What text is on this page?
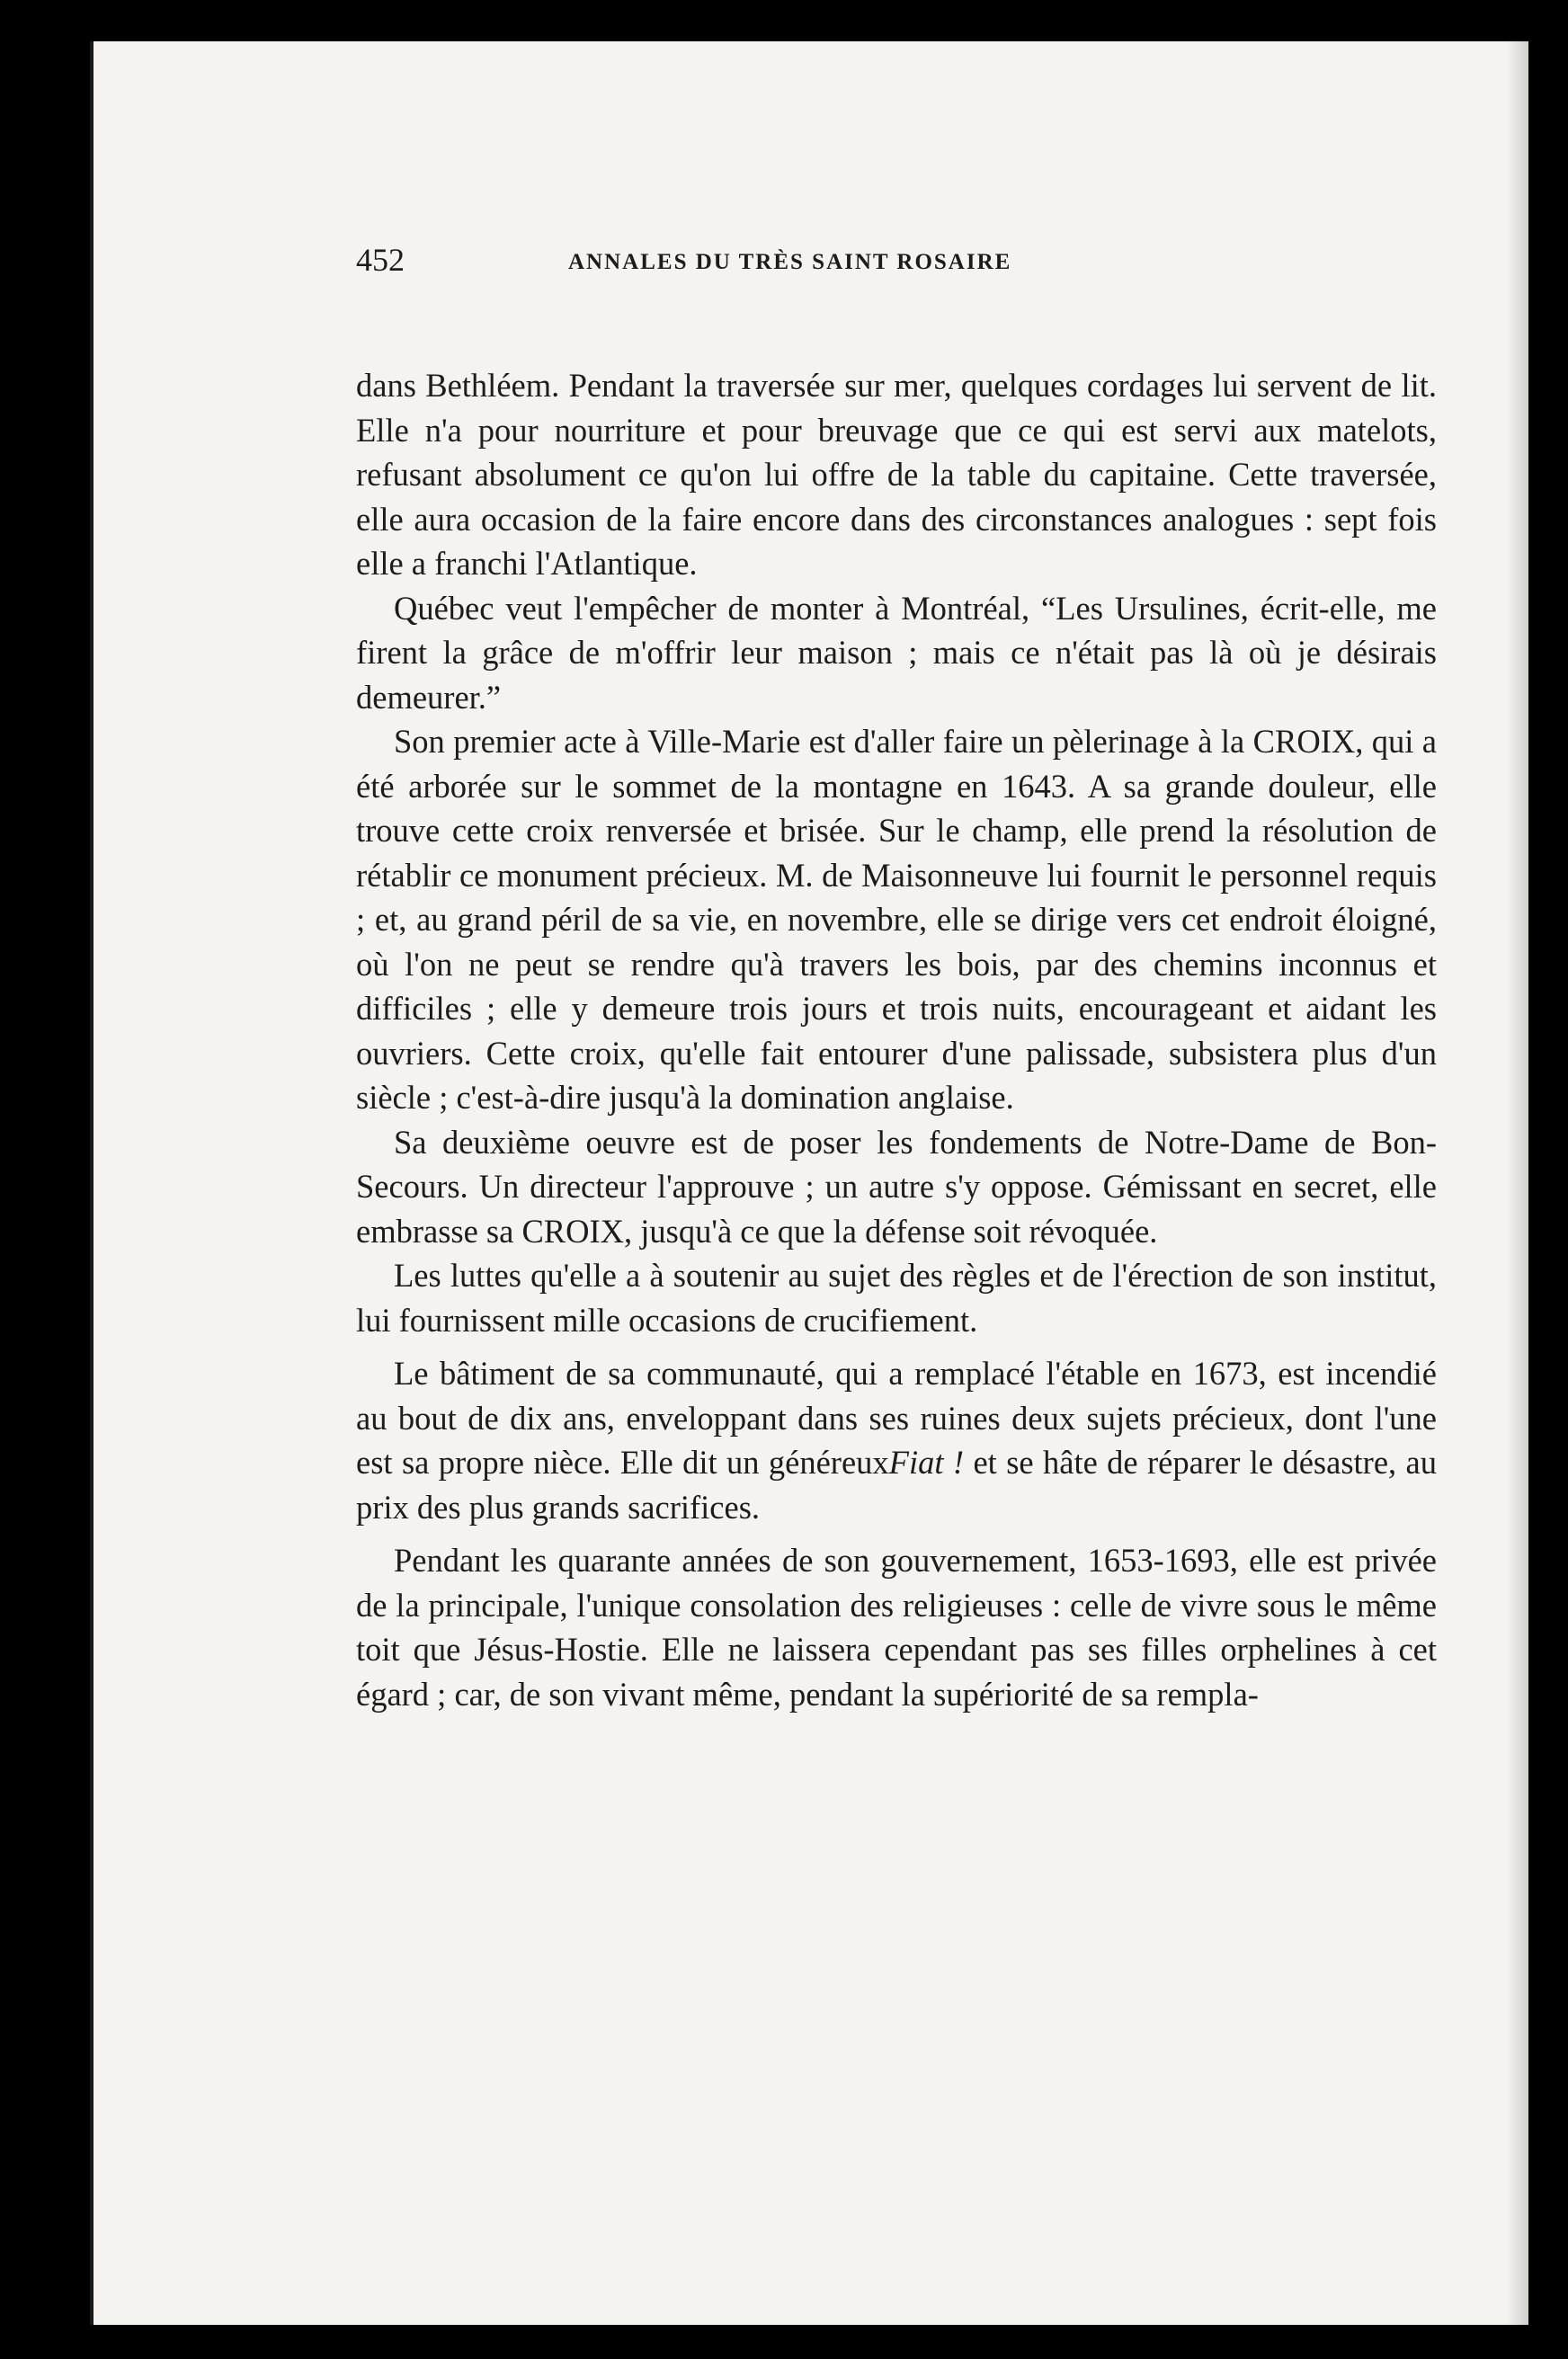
452	ANNALES DU TRÈS SAINT ROSAIRE

dans Bethléem. Pendant la traversée sur mer, quelques cordages lui servent de lit. Elle n'a pour nourriture et pour breuvage que ce qui est servi aux matelots, refusant absolument ce qu'on lui offre de la table du capitaine. Cette traversée, elle aura occasion de la faire encore dans des circonstances analogues : sept fois elle a franchi l'Atlantique.

Québec veut l'empêcher de monter à Montréal, “Les Ursulines, écrit-elle, me firent la grâce de m'offrir leur maison ; mais ce n'était pas là où je désirais demeurer.”

Son premier acte à Ville-Marie est d'aller faire un pèlerinage à la CROIX, qui a été arborée sur le sommet de la montagne en 1643. A sa grande douleur, elle trouve cette croix renversée et brisée. Sur le champ, elle prend la résolution de rétablir ce monument précieux. M. de Maisonneuve lui fournit le personnel requis ; et, au grand péril de sa vie, en novembre, elle se dirige vers cet endroit éloigné, où l'on ne peut se rendre qu'à travers les bois, par des chemins inconnus et difficiles ; elle y demeure trois jours et trois nuits, encourageant et aidant les ouvriers. Cette croix, qu'elle fait entourer d'une palissade, subsistera plus d'un siècle ; c'est-à-dire jusqu'à la domination anglaise.

Sa deuxième oeuvre est de poser les fondements de Notre-Dame de Bon-Secours. Un directeur l'approuve ; un autre s'y oppose. Gémissant en secret, elle embrasse sa CROIX, jusqu'à ce que la défense soit révoquée.

Les luttes qu'elle a à soutenir au sujet des règles et de l'érection de son institut, lui fournissent mille occasions de crucifiement.

Le bâtiment de sa communauté, qui a remplacé l'étable en 1673, est incendié au bout de dix ans, enveloppant dans ses ruines deux sujets précieux, dont l'une est sa propre nièce. Elle dit un généreuxFiat ! et se hâte de réparer le désastre, au prix des plus grands sacrifices.

Pendant les quarante années de son gouvernement, 1653-1693, elle est privée de la principale, l'unique consolation des religieuses : celle de vivre sous le même toit que Jésus-Hostie. Elle ne laissera cependant pas ses filles orphelines à cet égard ; car, de son vivant même, pendant la supériorité de sa rempla-
